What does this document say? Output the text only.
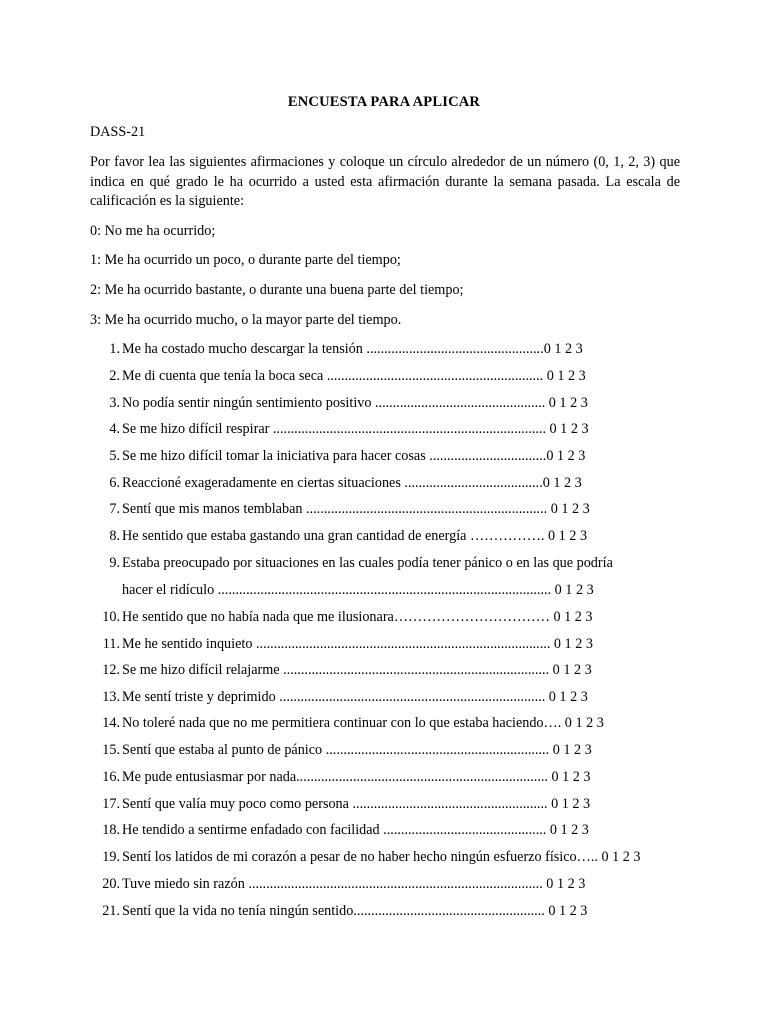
ENCUESTA PARA APLICAR
DASS-21
Por favor lea las siguientes afirmaciones y coloque un círculo alrededor de un número (0, 1, 2, 3) que indica en qué grado le ha ocurrido a usted esta afirmación durante la semana pasada. La escala de calificación es la siguiente:
0: No me ha ocurrido;
1: Me ha ocurrido un poco, o durante parte del tiempo;
2: Me ha ocurrido bastante, o durante una buena parte del tiempo;
3: Me ha ocurrido mucho, o la mayor parte del tiempo.
1. Me ha costado mucho descargar la tensión ..................................................0 1 2 3
2. Me di cuenta que tenía la boca seca ............................................................. 0 1 2 3
3. No podía sentir ningún sentimiento positivo ................................................ 0 1 2 3
4. Se me hizo difícil respirar ............................................................................. 0 1 2 3
5. Se me hizo difícil tomar la iniciativa para hacer cosas .................................0 1 2 3
6. Reaccioné exageradamente en ciertas situaciones .......................................0 1 2 3
7. Sentí que mis manos temblaban .................................................................... 0 1 2 3
8. He sentido que estaba gastando una gran cantidad de energía ……………. 0 1 2 3
9. Estaba preocupado por situaciones en las cuales podía tener pánico o en las que podría
hacer el ridículo .............................................................................................. 0 1 2 3
10. He sentido que no había nada que me ilusionara…………………………… 0 1 2 3
11. Me he sentido inquieto ................................................................................... 0 1 2 3
12. Se me hizo difícil relajarme ........................................................................... 0 1 2 3
13. Me sentí triste y deprimido ........................................................................... 0 1 2 3
14. No toleré nada que no me permitiera continuar con lo que estaba haciendo…. 0 1 2 3
15. Sentí que estaba al punto de pánico ............................................................... 0 1 2 3
16. Me pude entusiasmar por nada....................................................................... 0 1 2 3
17. Sentí que valía muy poco como persona ....................................................... 0 1 2 3
18. He tendido a sentirme enfadado con facilidad .............................................. 0 1 2 3
19. Sentí los latidos de mi corazón a pesar de no haber hecho ningún esfuerzo físico….. 0 1 2 3
20. Tuve miedo sin razón ................................................................................... 0 1 2 3
21. Sentí que la vida no tenía ningún sentido...................................................... 0 1 2 3
